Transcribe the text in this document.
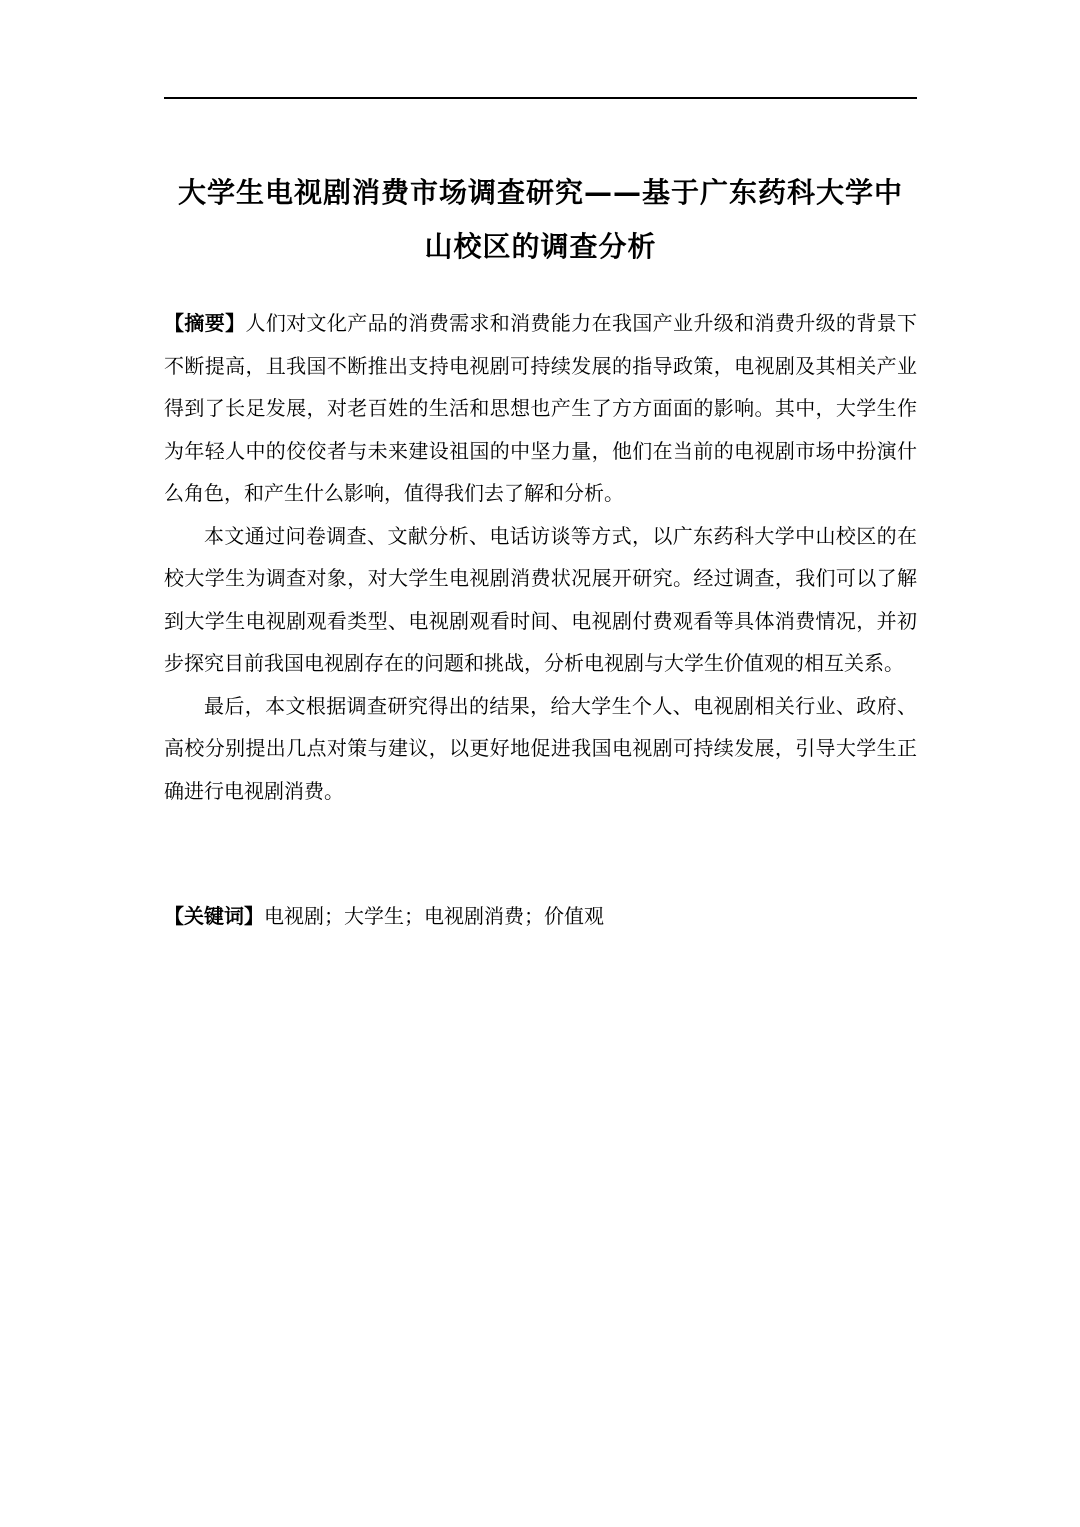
大学生电视剧消费市场调查研究——基于广东药科大学中山校区的调查分析

【摘要】人们对文化产品的消费需求和消费能力在我国产业升级和消费升级的背景下不断提高，且我国不断推出支持电视剧可持续发展的指导政策，电视剧及其相关产业得到了长足发展，对老百姓的生活和思想也产生了方方面面的影响。其中，大学生作为年轻人中的佼佼者与未来建设祖国的中坚力量，他们在当前的电视剧市场中扮演什么角色，和产生什么影响，值得我们去了解和分析。

本文通过问卷调查、文献分析、电话访谈等方式，以广东药科大学中山校区的在校大学生为调查对象，对大学生电视剧消费状况展开研究。经过调查，我们可以了解到大学生电视剧观看类型、电视剧观看时间、电视剧付费观看等具体消费情况，并初步探究目前我国电视剧存在的问题和挑战，分析电视剧与大学生价值观的相互关系。

最后，本文根据调查研究得出的结果，给大学生个人、电视剧相关行业、政府、高校分别提出几点对策与建议，以更好地促进我国电视剧可持续发展，引导大学生正确进行电视剧消费。

【关键词】电视剧；大学生；电视剧消费；价值观
